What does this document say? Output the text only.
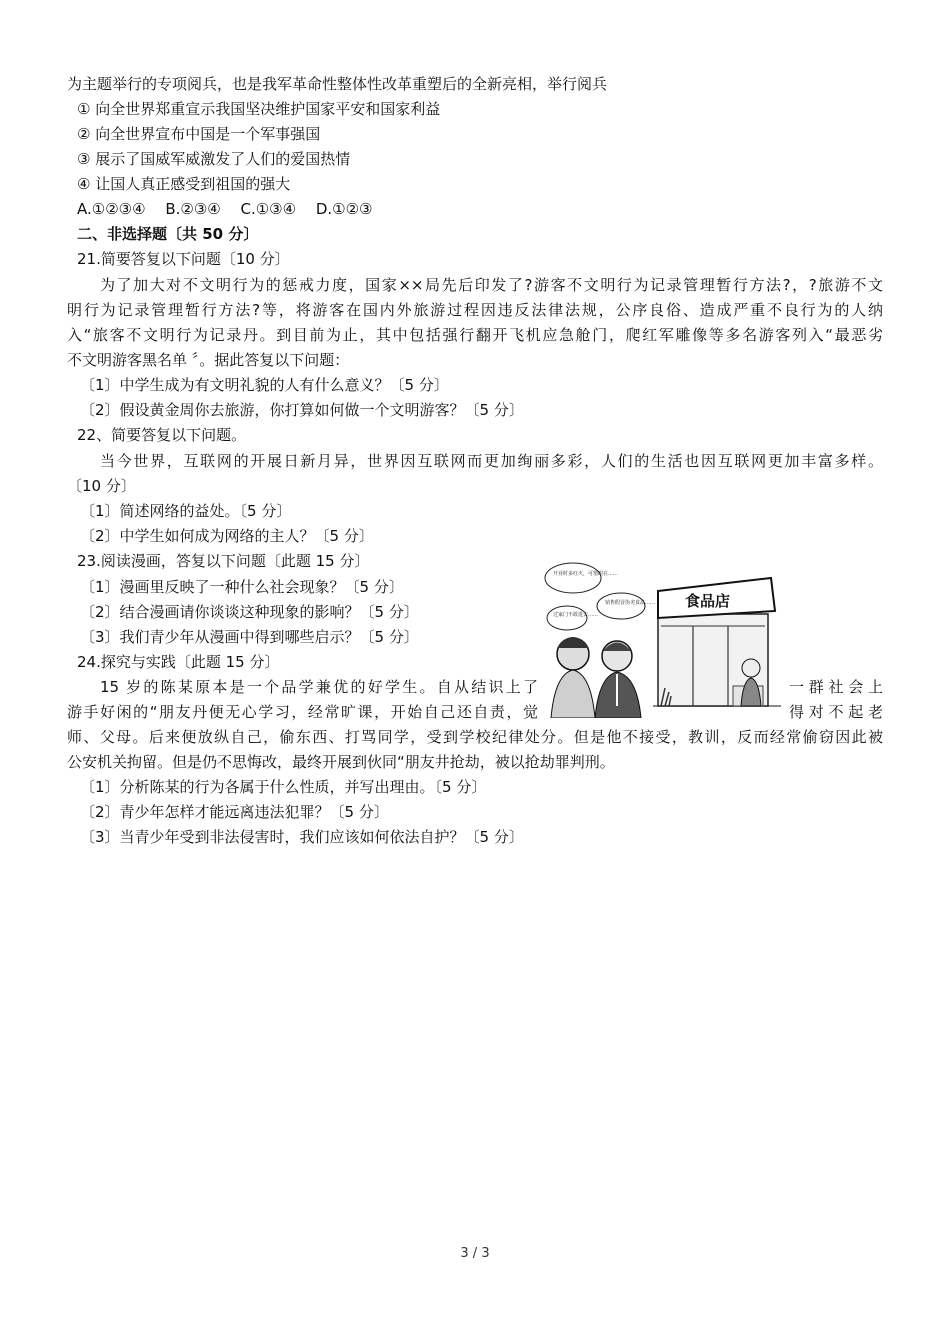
为主题举行的专项阅兵，也是我军革命性整体性改革重塑后的全新亮相，举行阅兵
① 向全世界郑重宣示我国坚决维护国家平安和国家利益
② 向全世界宣布中国是一个军事强国
③ 展示了国威军威激发了人们的爱国热情
④ 让国人真正感受到祖国的强大
A.①②③④　 B.②③④　 C.①③④　 D.①②③
二、非选择题〔共 50 分〕
21.简要答复以下问题〔10 分〕
为了加大对不文明行为的惩戒力度，国家××局先后印发了?游客不文明行为记录管理暂行方法?，?旅游不文
明行为记录管理暂行方法?等，将游客在国内外旅游过程因违反法律法规，公序良俗、造成严重不良行为的人纳
入“旅客不文明行为记录丹。到目前为止，其中包括强行翻开飞机应急舱门，爬红军雕像等多名游客列入“最恶劣
不文明游客黑名单 〞。据此答复以下问题：
〔1〕中学生成为有文明礼貌的人有什么意义？〔5 分〕
〔2〕假设黄金周你去旅游，你打算如何做一个文明游客？〔5 分〕
22、简要答复以下问题。
当今世界，互联网的开展日新月异，世界因互联网而更加绚丽多彩，人们的生活也因互联网更加丰富多样。
〔10 分〕
〔1〕简述网络的益处。〔5 分〕
〔2〕中学生如何成为网络的主人？〔5 分〕
23.阅读漫画，答复以下问题〔此题 15 分〕
〔1〕漫画里反映了一种什么社会现象？〔5 分〕
〔2〕结合漫画请你谈谈这种现象的影响？〔5 分〕
〔3〕我们青少年从漫画中得到哪些启示？〔5 分〕
24.探究与实践〔此题 15 分〕
15 岁的陈某原本是一个品学兼优的好学生。自从结识上了	一群社会上
游手好闲的“朋友丹便无心学习，经常旷课，开始自己还自责，觉	得对不起老
师、父母。后来便放纵自己，偷东西、打骂同学，受到学校纪律处分。但是他不接受，教训，反而经常偷窃因此被
公安机关拘留。但是仍不思悔改，最终开展到伙同“朋友井抢劫，被以抢劫罪判刑。
〔1〕分析陈某的行为各属于什么性质，并写出理由。〔5 分〕
〔2〕青少年怎样才能远离违法犯罪？〔5 分〕
〔3〕当青少年受到非法侵害时，我们应该如何依法自护？〔5 分〕
食品店
开业时多红火，可惜眼在……
销售假冒伪劣食品……
过家门不敢进去……
3 / 3
